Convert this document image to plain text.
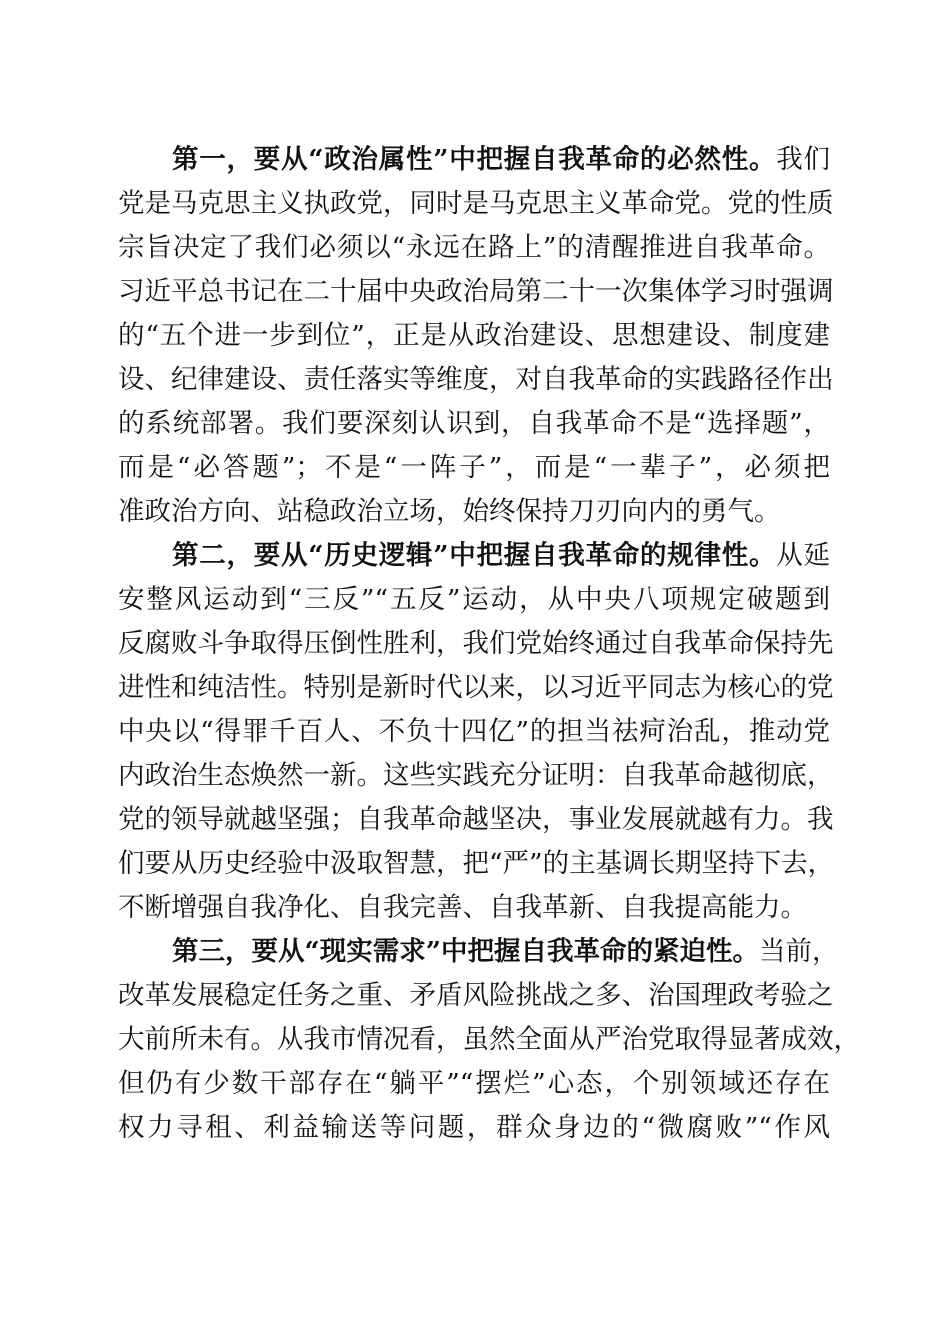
第一，要从“政治属性”中把握自我革命的必然性。我们
党是马克思主义执政党，同时是马克思主义革命党。党的性质
宗旨决定了我们必须以“永远在路上”的清醒推进自我革命。
习近平总书记在二十届中央政治局第二十一次集体学习时强调
的“五个进一步到位”，正是从政治建设、思想建设、制度建
设、纪律建设、责任落实等维度，对自我革命的实践路径作出
的系统部署。我们要深刻认识到，自我革命不是“选择题”，
而是“必答题”；不是“一阵子”，而是“一辈子”，必须把
准政治方向、站稳政治立场，始终保持刀刃向内的勇气。
第二，要从“历史逻辑”中把握自我革命的规律性。从延
安整风运动到“三反”“五反”运动，从中央八项规定破题到
反腐败斗争取得压倒性胜利，我们党始终通过自我革命保持先
进性和纯洁性。特别是新时代以来，以习近平同志为核心的党
中央以“得罪千百人、不负十四亿”的担当祛疴治乱，推动党
内政治生态焕然一新。这些实践充分证明：自我革命越彻底，
党的领导就越坚强；自我革命越坚决，事业发展就越有力。我
们要从历史经验中汲取智慧，把“严”的主基调长期坚持下去，
不断增强自我净化、自我完善、自我革新、自我提高能力。
第三，要从“现实需求”中把握自我革命的紧迫性。当前，
改革发展稳定任务之重、矛盾风险挑战之多、治国理政考验之
大前所未有。从我市情况看，虽然全面从严治党取得显著成效，
但仍有少数干部存在“躺平”“摆烂”心态，个别领域还存在
权力寻租、利益输送等问题，群众身边的“微腐败”“作风
